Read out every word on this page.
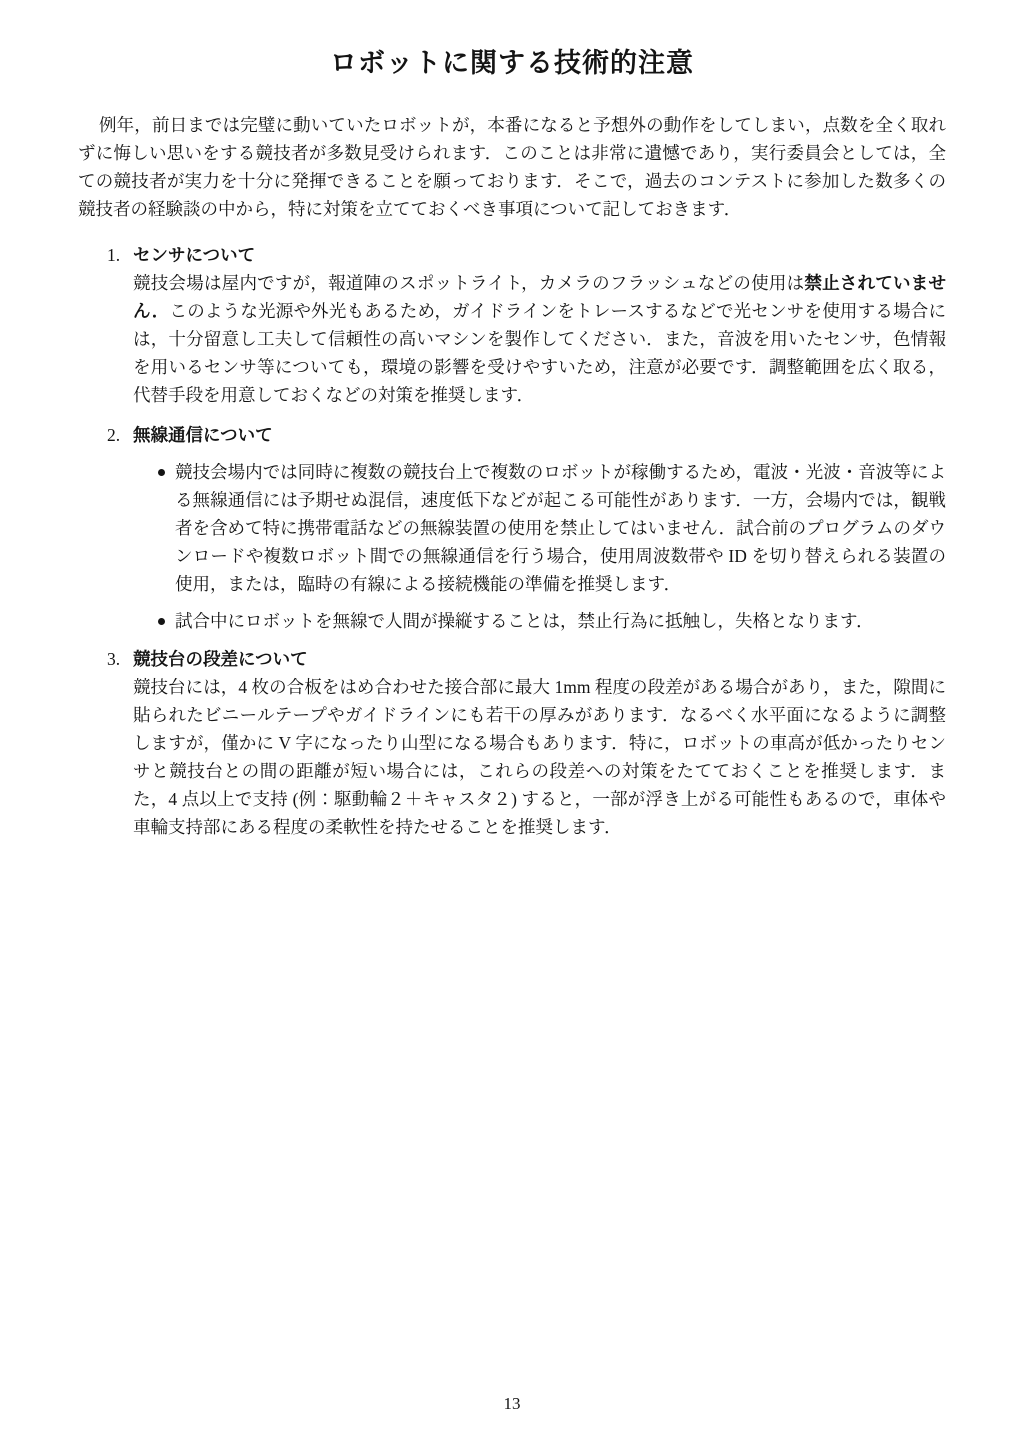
ロボットに関する技術的注意

例年，前日までは完璧に動いていたロボットが，本番になると予想外の動作をしてしまい，点数を全く取れずに悔しい思いをする競技者が多数見受けられます．このことは非常に遺憾であり，実行委員会としては，全ての競技者が実力を十分に発揮できることを願っております．そこで，過去のコンテストに参加した数多くの競技者の経験談の中から，特に対策を立てておくべき事項について記しておきます．

1. センサについて
競技会場は屋内ですが，報道陣のスポットライト，カメラのフラッシュなどの使用は禁止されていません．このような光源や外光もあるため，ガイドラインをトレースするなどで光センサを使用する場合には，十分留意し工夫して信頼性の高いマシンを製作してください．また，音波を用いたセンサ，色情報を用いるセンサ等についても，環境の影響を受けやすいため，注意が必要です．調整範囲を広く取る，代替手段を用意しておくなどの対策を推奨します．
2. 無線通信について
競技会場内では同時に複数の競技台上で複数のロボットが稼働するため，電波・光波・音波等による無線通信には予期せぬ混信，速度低下などが起こる可能性があります．一方，会場内では，観戦者を含めて特に携帯電話などの無線装置の使用を禁止してはいません．試合前のプログラムのダウンロードや複数ロボット間での無線通信を行う場合，使用周波数帯や ID を切り替えられる装置の使用，または，臨時の有線による接続機能の準備を推奨します．
試合中にロボットを無線で人間が操縦することは，禁止行為に抵触し，失格となります．
3. 競技台の段差について
競技台には，4 枚の合板をはめ合わせた接合部に最大 1mm 程度の段差がある場合があり，また，隙間に貼られたビニールテープやガイドラインにも若干の厚みがあります．なるべく水平面になるように調整しますが，僅かに V 字になったり山型になる場合もあります．特に，ロボットの車高が低かったりセンサと競技台との間の距離が短い場合には，これらの段差への対策をたてておくことを推奨します．また，4 点以上で支持 (例：駆動輪２＋キャスタ２) すると，一部が浮き上がる可能性もあるので，車体や車輪支持部にある程度の柔軟性を持たせることを推奨します．
13
